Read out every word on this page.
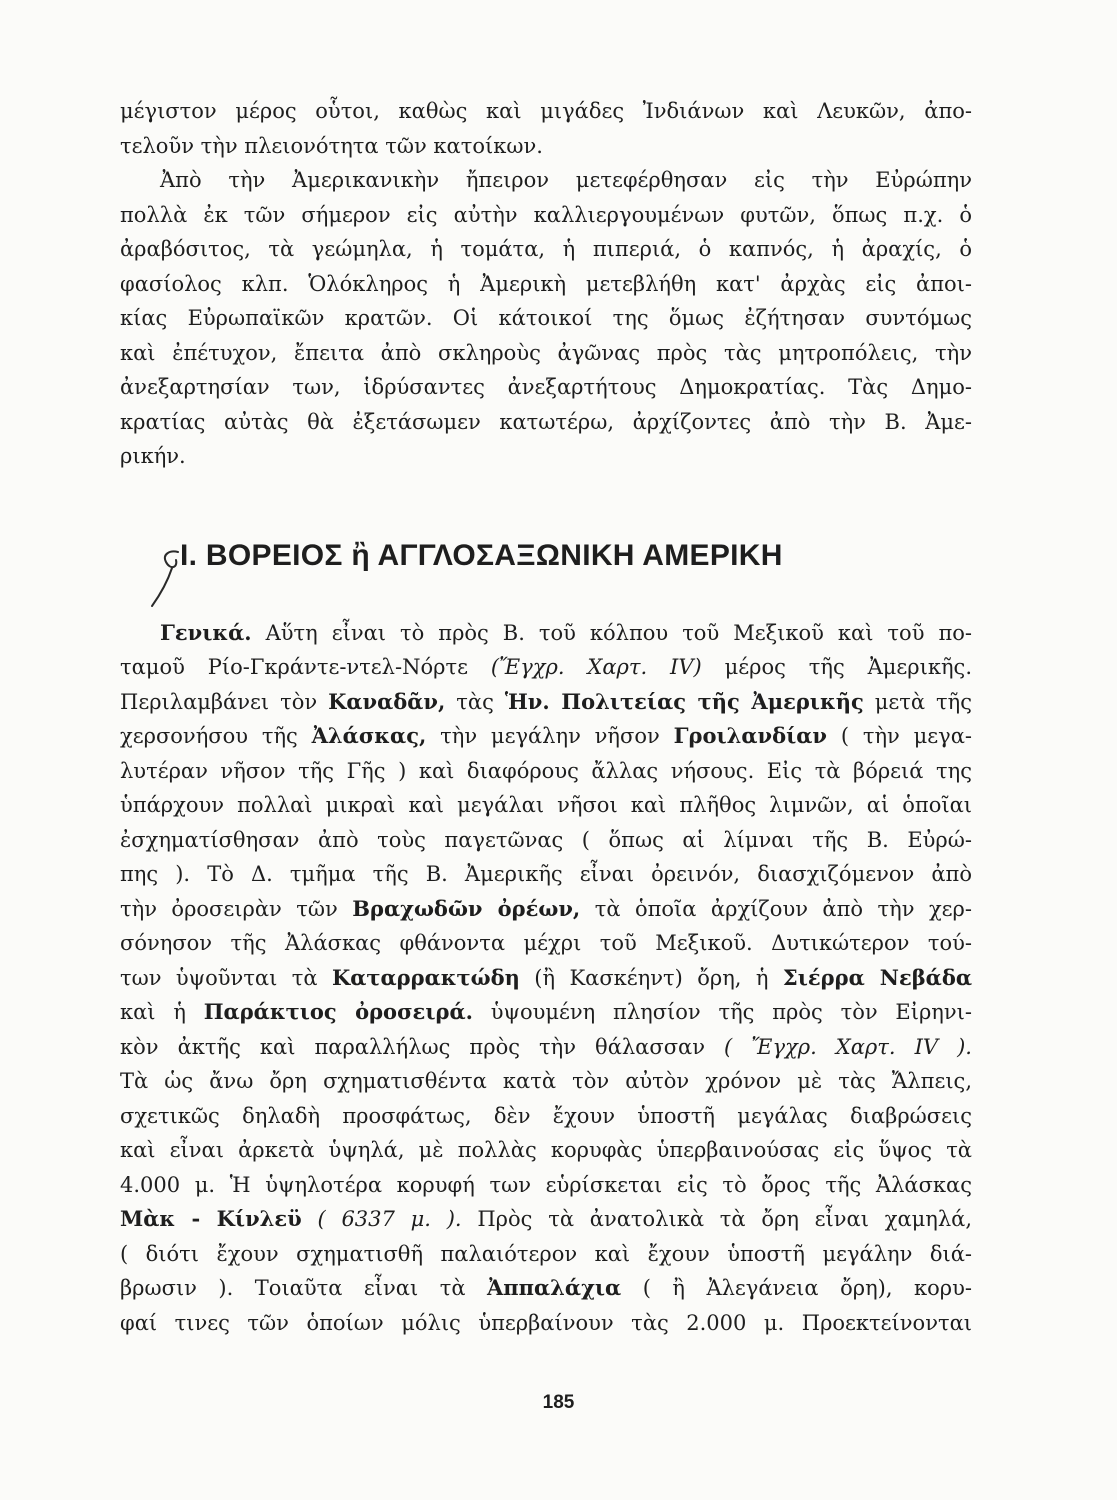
μέγιστον μέρος οὗτοι, καθὼς καὶ μιγάδες Ἰνδιάνων καὶ Λευκῶν, ἀπο-
τελοῦν τὴν πλειονότητα τῶν κατοίκων.
Ἀπὸ τὴν Ἀμερικανικὴν ἤπειρον μετεφέρθησαν εἰς τὴν Εὐρώπην
πολλὰ ἐκ τῶν σήμερον εἰς αὐτὴν καλλιεργουμένων φυτῶν, ὅπως π.χ. ὁ
ἀραβόσιτος, τὰ γεώμηλα, ἡ τομάτα, ἡ πιπεριά, ὁ καπνός, ἡ ἀραχίς, ὁ
φασίολος κλπ. Ὁλόκληρος ἡ Ἀμερικὴ μετεβλήθη κατ' ἀρχὰς εἰς ἀποι-
κίας Εὐρωπαϊκῶν κρατῶν. Οἱ κάτοικοί της ὅμως ἐζήτησαν συντόμως
καὶ ἐπέτυχον, ἔπειτα ἀπὸ σκληροὺς ἀγῶνας πρὸς τὰς μητροπόλεις, τὴν
ἀνεξαρτησίαν των, ἱδρύσαντες ἀνεξαρτήτους Δημοκρατίας. Τὰς Δημο-
κρατίας αὐτὰς θὰ ἐξετάσωμεν κατωτέρω, ἀρχίζοντες ἀπὸ τὴν Β. Ἀμε-
ρικήν.
Ι. ΒΟΡΕΙΟΣ ἢ ΑΓΓΛΟΣΑΞΩΝΙΚΗ ΑΜΕΡΙΚΗ
Γενικά. Αὕτη εἶναι τὸ πρὸς Β. τοῦ κόλπου τοῦ Μεξικοῦ καὶ τοῦ πο-
ταμοῦ Ρίο-Γκράντε-ντελ-Νόρτε (Ἔγχρ. Χαρτ. IV) μέρος τῆς Ἀμερικῆς.
Περιλαμβάνει τὸν Καναδᾶν, τὰς Ἡν. Πολιτείας τῆς Ἀμερικῆς μετὰ τῆς
χερσονήσου τῆς Ἀλάσκας, τὴν μεγάλην νῆσον Γροιλανδίαν ( τὴν μεγα-
λυτέραν νῆσον τῆς Γῆς ) καὶ διαφόρους ἄλλας νήσους. Εἰς τὰ βόρειά της
ὑπάρχουν πολλαὶ μικραὶ καὶ μεγάλαι νῆσοι καὶ πλῆθος λιμνῶν, αἱ ὁποῖαι
ἐσχηματίσθησαν ἀπὸ τοὺς παγετῶνας ( ὅπως αἱ λίμναι τῆς Β. Εὐρώ-
πης ). Τὸ Δ. τμῆμα τῆς Β. Ἀμερικῆς εἶναι ὀρεινόν, διασχιζόμενον ἀπὸ
τὴν ὀροσειρὰν τῶν Βραχωδῶν ὀρέων, τὰ ὁποῖα ἀρχίζουν ἀπὸ τὴν χερ-
σόνησον τῆς Ἀλάσκας φθάνοντα μέχρι τοῦ Μεξικοῦ. Δυτικώτερον τού-
των ὑψοῦνται τὰ Καταρρακτώδη (ἢ Κασκέηντ) ὄρη, ἡ Σιέρρα Νεβάδα
καὶ ἡ Παράκτιος ὀροσειρά. ὑψουμένη πλησίον τῆς πρὸς τὸν Εἰρηνι-
κὸν ἀκτῆς καὶ παραλλήλως πρὸς τὴν θάλασσαν ( Ἔγχρ. Χαρτ. IV ).
Τὰ ὡς ἄνω ὄρη σχηματισθέντα κατὰ τὸν αὐτὸν χρόνον μὲ τὰς Ἄλπεις,
σχετικῶς δηλαδὴ προσφάτως, δὲν ἔχουν ὑποστῆ μεγάλας διαβρώσεις
καὶ εἶναι ἀρκετὰ ὑψηλά, μὲ πολλὰς κορυφὰς ὑπερβαινούσας εἰς ὕψος τὰ
4.000 μ. Ἡ ὑψηλοτέρα κορυφή των εὑρίσκεται εἰς τὸ ὄρος τῆς Ἀλάσκας
Μὰκ - Κίνλεϋ ( 6337 μ. ). Πρὸς τὰ ἀνατολικὰ τὰ ὄρη εἶναι χαμηλά,
( διότι ἔχουν σχηματισθῆ παλαιότερον καὶ ἔχουν ὑποστῆ μεγάλην διά-
βρωσιν ). Τοιαῦτα εἶναι τὰ Ἀππαλάχια ( ἢ Ἀλεγάνεια ὄρη), κορυ-
φαί τινες τῶν ὁποίων μόλις ὑπερβαίνουν τὰς 2.000 μ. Προεκτείνονται
185
